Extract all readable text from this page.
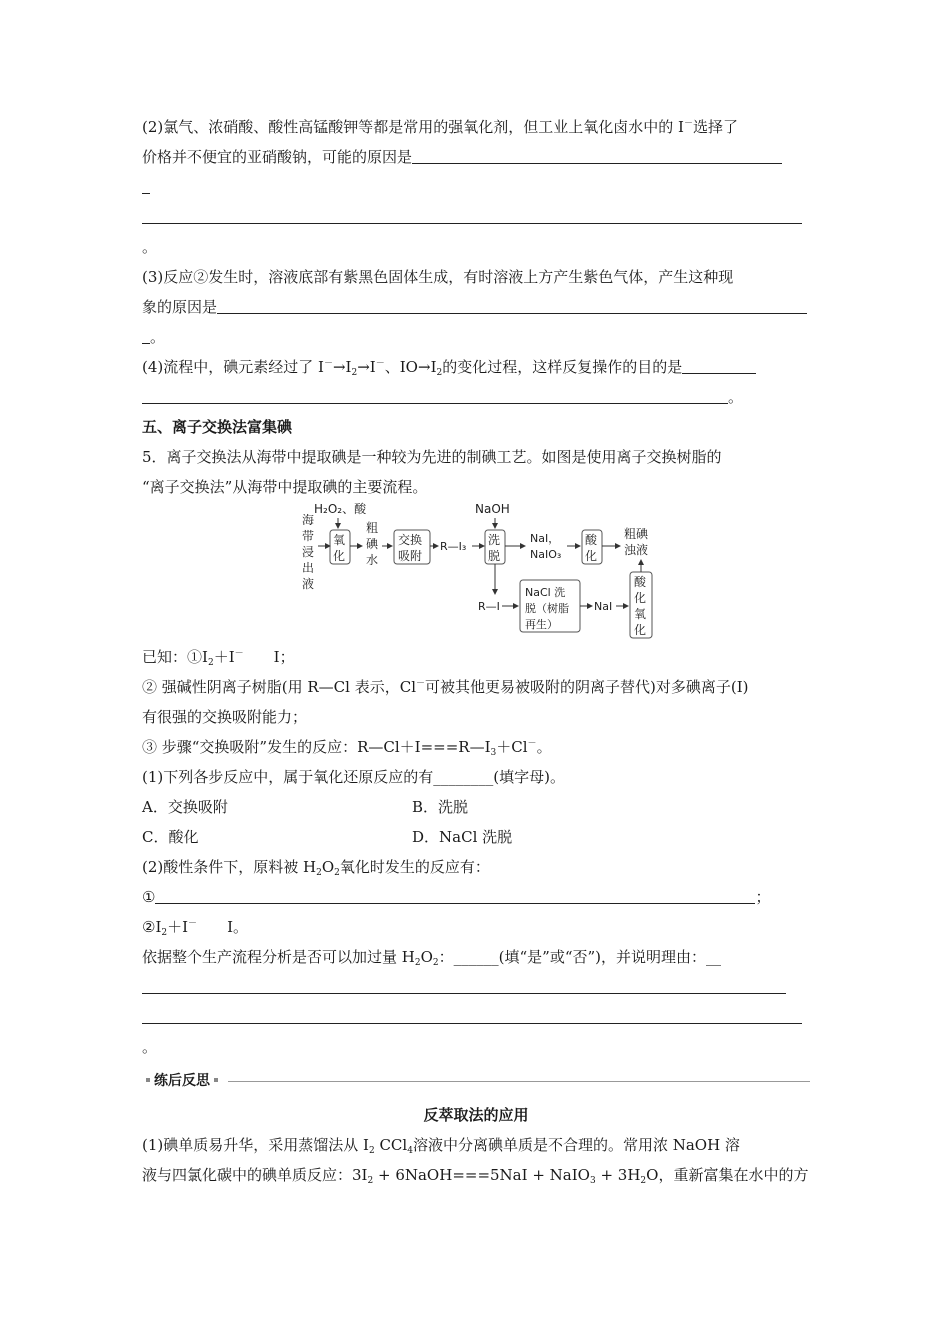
(2)氯气、浓硝酸、酸性高锰酸钾等都是常用的强氧化剂，但工业上氧化卤水中的 I－选择了
价格并不便宜的亚硝酸钠，可能的原因是
。
(3)反应②发生时，溶液底部有紫黑色固体生成，有时溶液上方产生紫色气体，产生这种现
象的原因是
。
(4)流程中，碘元素经过了 $I^-\to I_2\to I^-$、$IO\to I_2$的变化过程，这样反复操作的目的是
。
五、离子交换法富集碘
5．离子交换法从海带中提取碘是一种较为先进的制碘工艺。如图是使用离子交换树脂的
“离子交换法”从海带中提取碘的主要流程。
海
带
浸
出
液
H₂O₂、酸
氧
化
粗
碘
水
交换
吸附
R—I₃
NaOH
洗
脱
NaI，
NaIO₃
酸
化
粗碘
浊液
R—I
NaCl 洗
脱（树脂
再生）
NaI
酸
化
氧
化
已知：$①I_2+I^-$ I；
② 强碱性阴离子树脂(用 R—Cl 表示，Cl－可被其他更易被吸附的阴离子替代)对多碘离子(I)
有很强的交换吸附能力；
③ 步骤“交换吸附”发生的反应：$R—Cl+I===R—I_3+Cl^-$。
(1)下列各步反应中，属于氧化还原反应的有________(填字母)。
A．交换吸附	B．洗脱
C．酸化	D．NaCl 洗脱
(2)酸性条件下，原料被 $H_2O_2$氧化时发生的反应有：
①	；
$②I_2+I^-$ I。
依据整个生产流程分析是否可以加过量 $H_2O_2$：______(填“是”或“否”)，并说明理由：__
。
练后反思
反萃取法的应用
(1)碘单质易升华，采用蒸馏法从 $I_2$ CCl$_4$溶液中分离碘单质是不合理的。常用浓 NaOH 溶
液与四氯化碳中的碘单质反应：$3I_2$ + 6NaOH===5NaI + NaIO$_3$ + $3H_2O$，重新富集在水中的方
